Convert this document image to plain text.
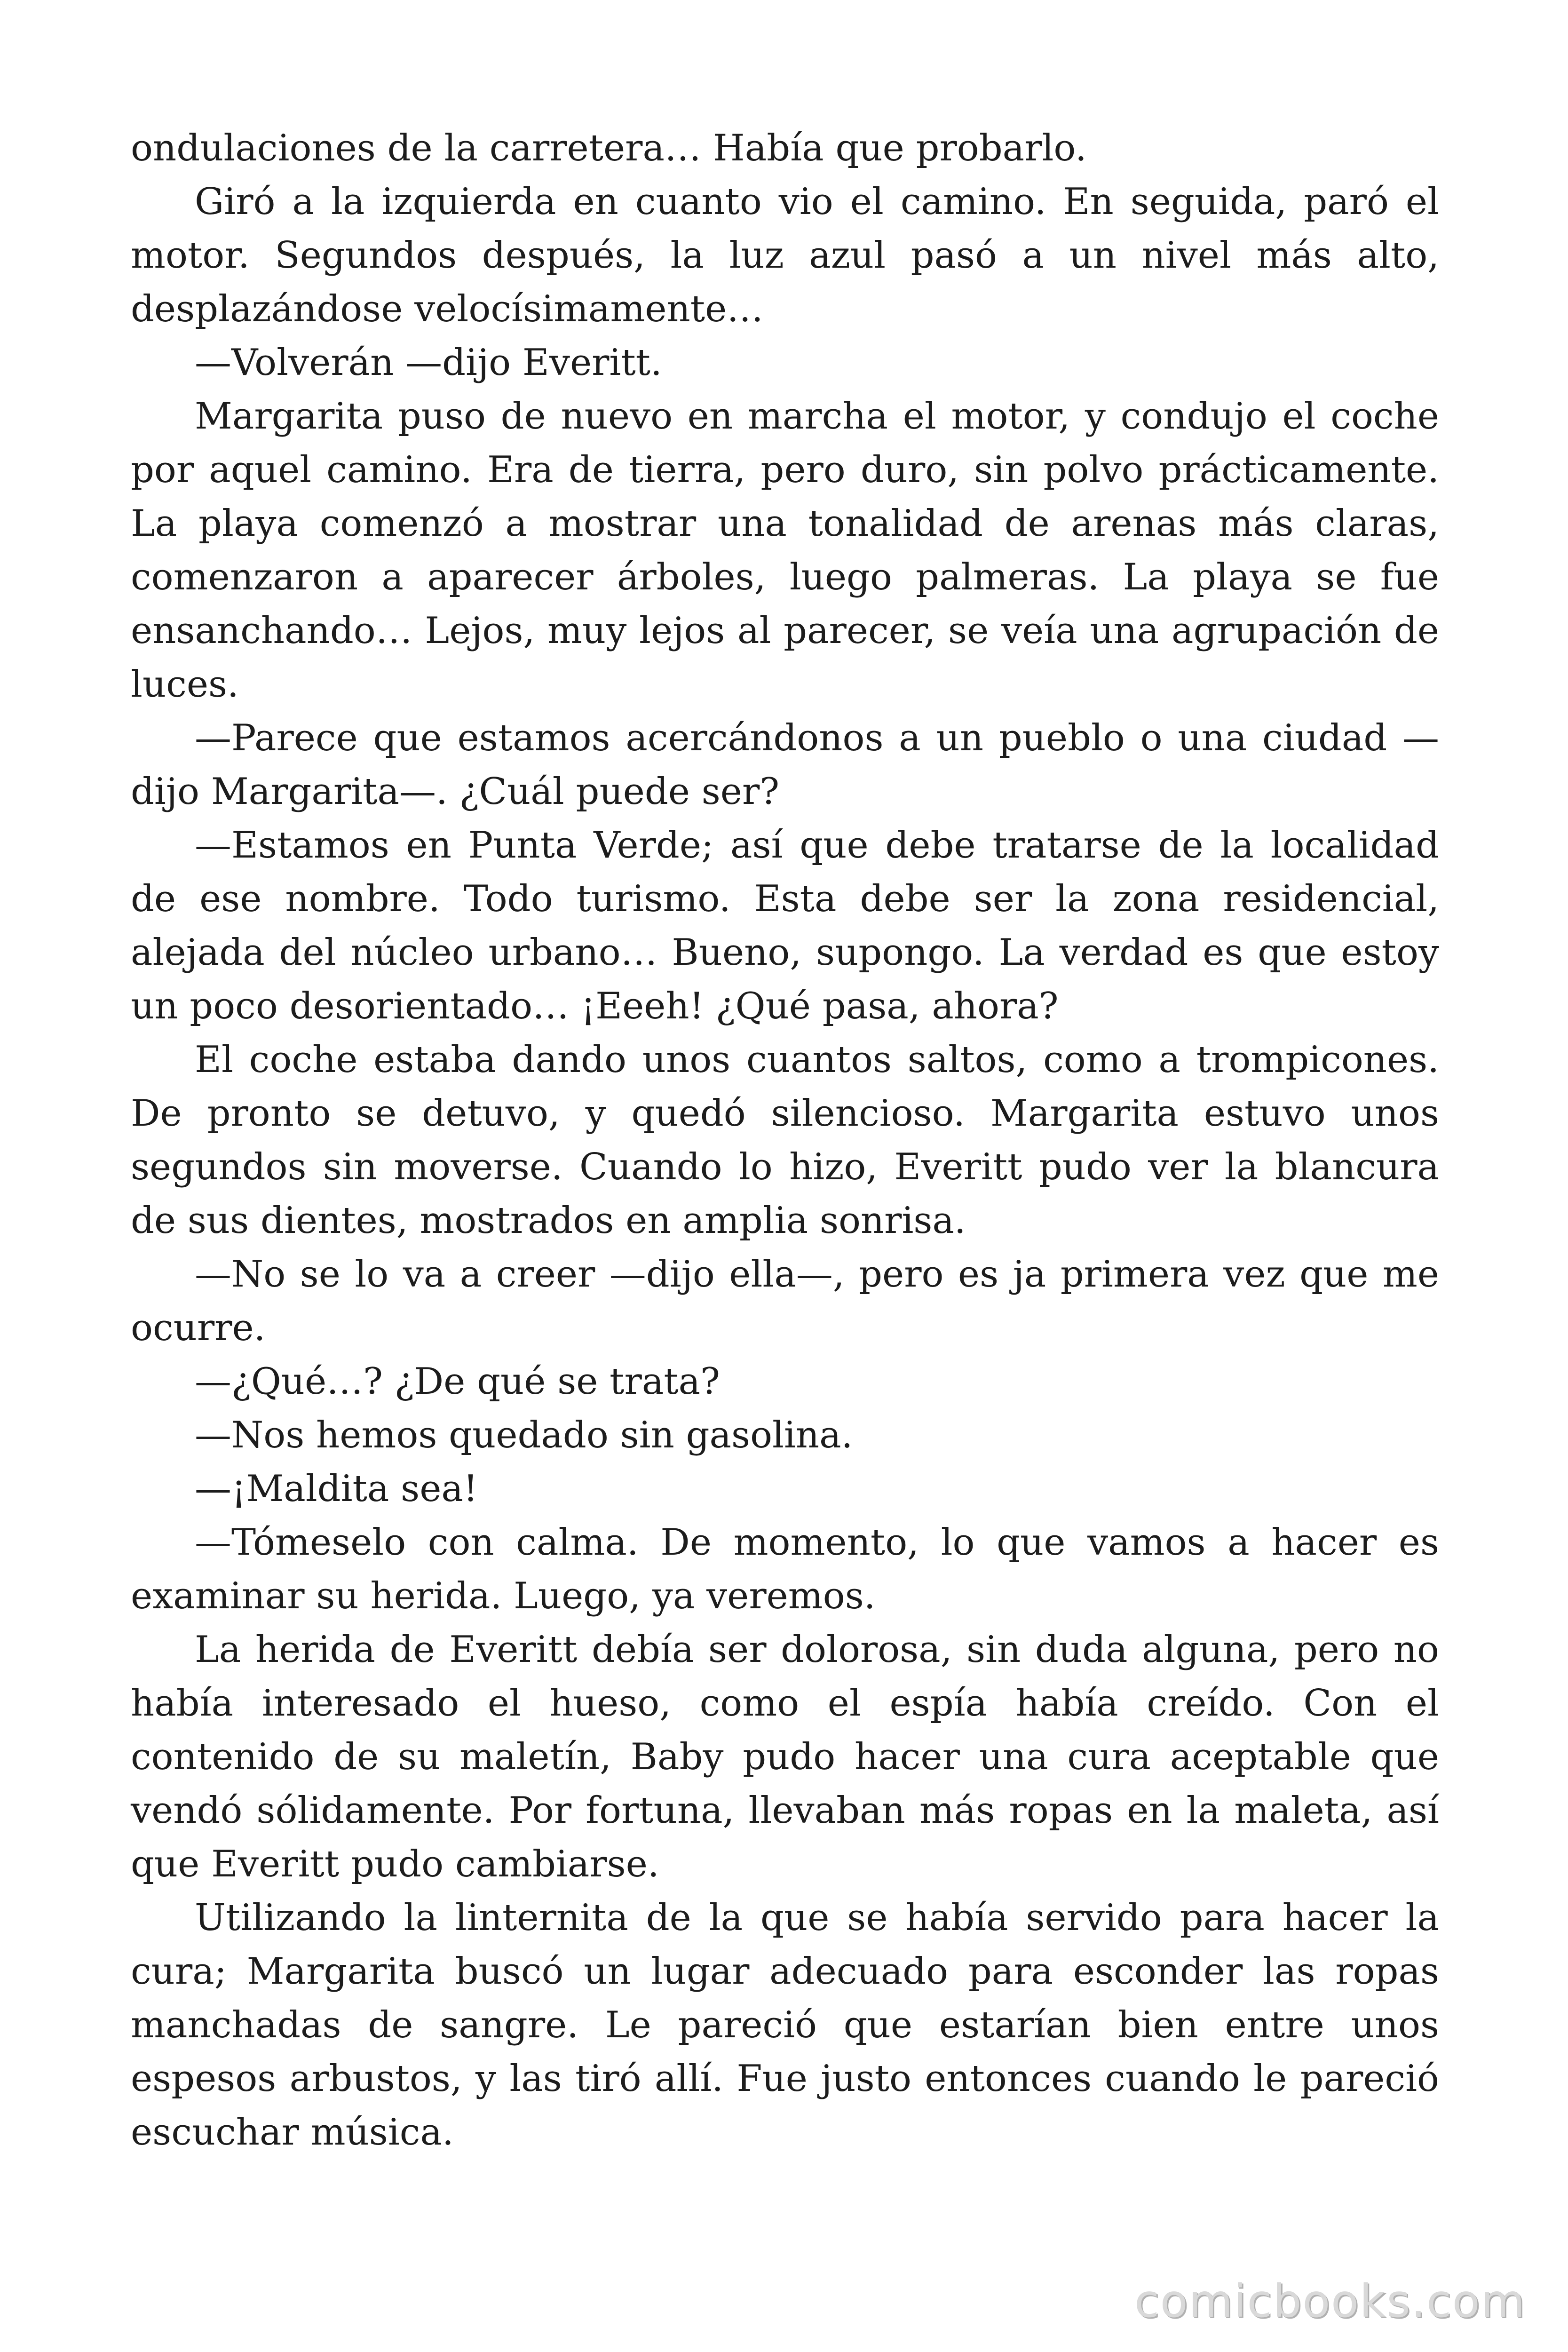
ondulaciones de la carretera… Había que probarlo.

Giró a la izquierda en cuanto vio el camino. En seguida, paró el motor. Segundos después, la luz azul pasó a un nivel más alto, desplazándose velocísimamente…

—Volverán —dijo Everitt.

Margarita puso de nuevo en marcha el motor, y condujo el coche por aquel camino. Era de tierra, pero duro, sin polvo prácticamente. La playa comenzó a mostrar una tonalidad de arenas más claras, comenzaron a aparecer árboles, luego palmeras. La playa se fue ensanchando… Lejos, muy lejos al parecer, se veía una agrupación de luces.

—Parece que estamos acercándonos a un pueblo o una ciudad —dijo Margarita—. ¿Cuál puede ser?

—Estamos en Punta Verde; así que debe tratarse de la localidad de ese nombre. Todo turismo. Esta debe ser la zona residencial, alejada del núcleo urbano… Bueno, supongo. La verdad es que estoy un poco desorientado… ¡Eeeh! ¿Qué pasa, ahora?

El coche estaba dando unos cuantos saltos, como a trompicones. De pronto se detuvo, y quedó silencioso. Margarita estuvo unos segundos sin moverse. Cuando lo hizo, Everitt pudo ver la blancura de sus dientes, mostrados en amplia sonrisa.

—No se lo va a creer —dijo ella—, pero es ja primera vez que me ocurre.

—¿Qué…? ¿De qué se trata?

—Nos hemos quedado sin gasolina.

—¡Maldita sea!

—Tómeselo con calma. De momento, lo que vamos a hacer es examinar su herida. Luego, ya veremos.

La herida de Everitt debía ser dolorosa, sin duda alguna, pero no había interesado el hueso, como el espía había creído. Con el contenido de su maletín, Baby pudo hacer una cura aceptable que vendó sólidamente. Por fortuna, llevaban más ropas en la maleta, así que Everitt pudo cambiarse.

Utilizando la linternita de la que se había servido para hacer la cura; Margarita buscó un lugar adecuado para esconder las ropas manchadas de sangre. Le pareció que estarían bien entre unos espesos arbustos, y las tiró allí. Fue justo entonces cuando le pareció escuchar música.

comicbooks.com
